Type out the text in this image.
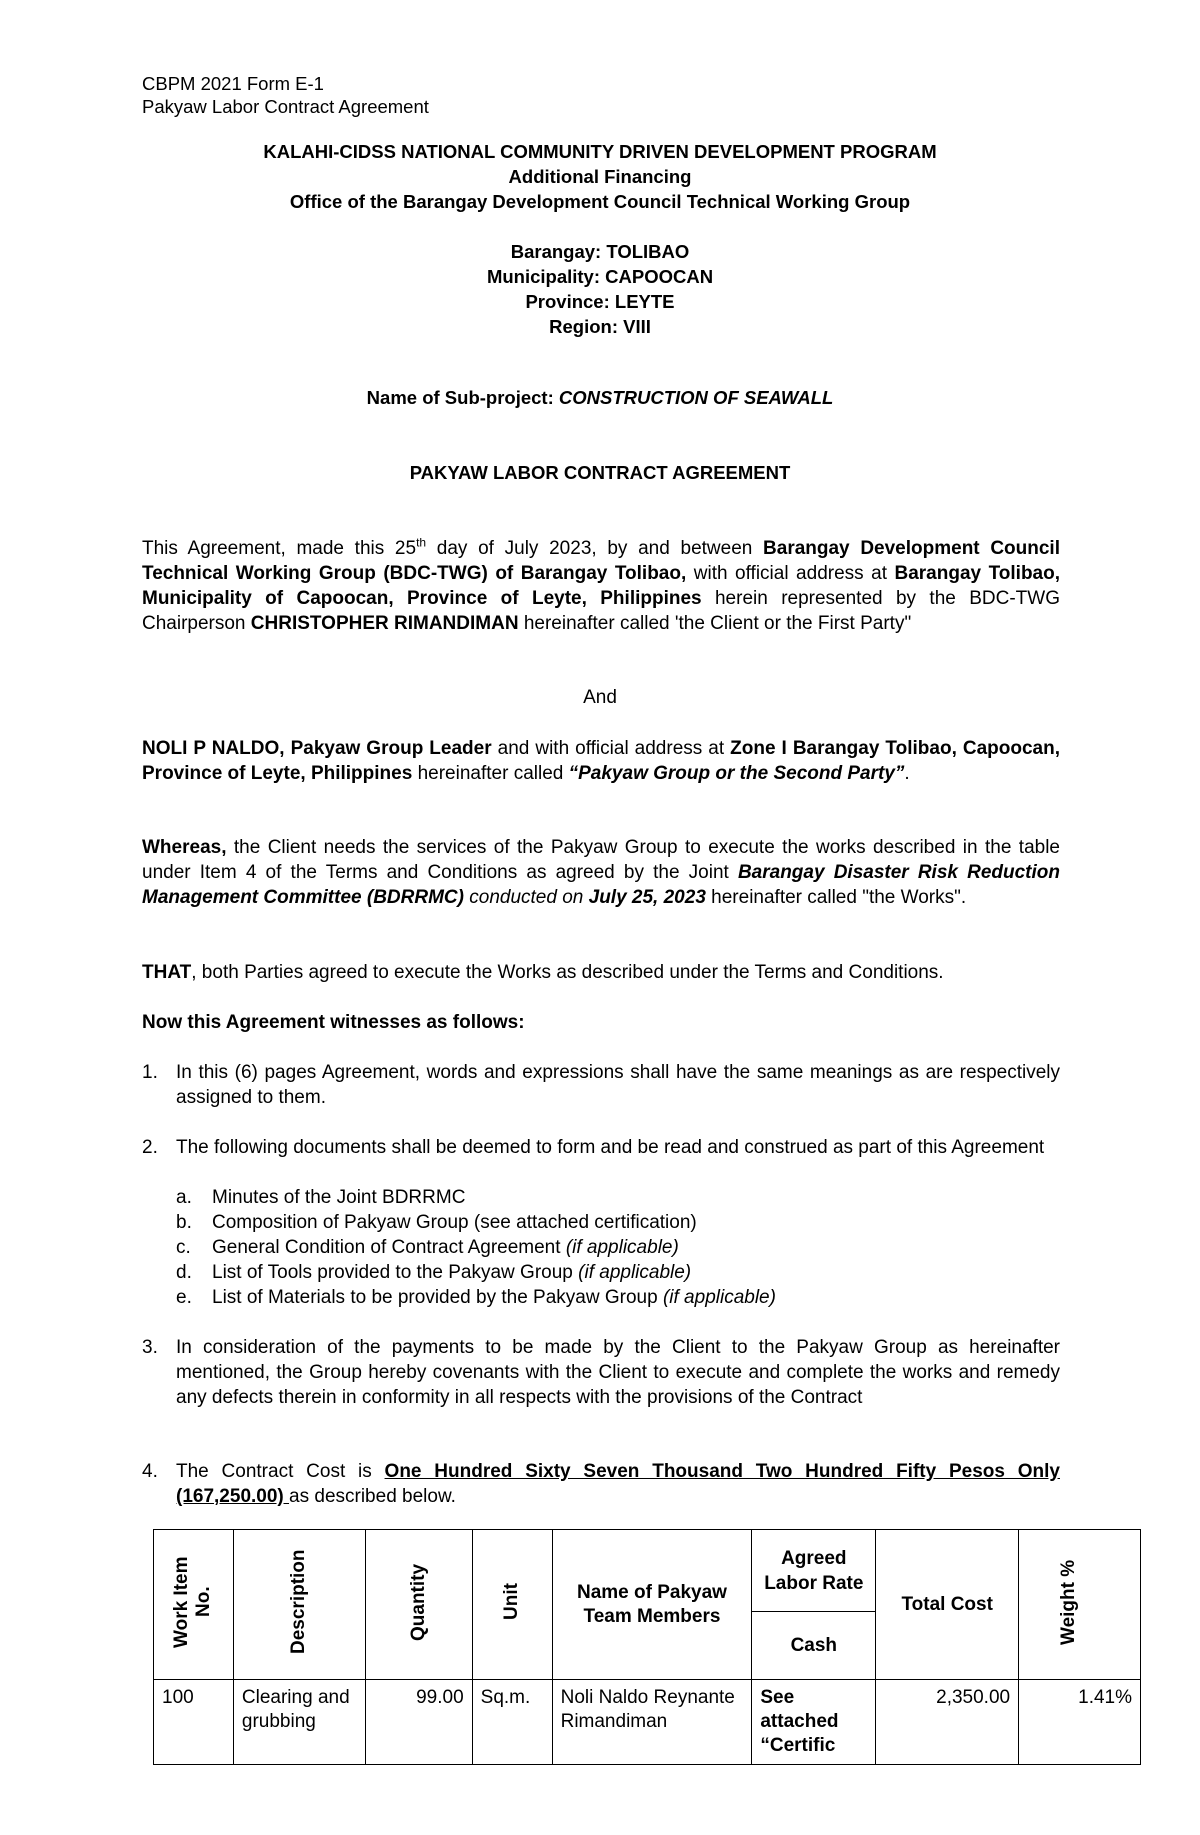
CBPM 2021 Form E-1
Pakyaw Labor Contract Agreement
KALAHI-CIDSS NATIONAL COMMUNITY DRIVEN DEVELOPMENT PROGRAM
Additional Financing
Office of the Barangay Development Council Technical Working Group
Barangay: TOLIBAO
Municipality: CAPOOCAN
Province: LEYTE
Region: VIII
Name of Sub-project: CONSTRUCTION OF SEAWALL
PAKYAW LABOR CONTRACT AGREEMENT
This Agreement, made this 25th day of July 2023, by and between Barangay Development Council Technical Working Group (BDC-TWG) of Barangay Tolibao, with official address at Barangay Tolibao, Municipality of Capoocan, Province of Leyte, Philippines herein represented by the BDC-TWG Chairperson CHRISTOPHER RIMANDIMAN hereinafter called 'the Client or the First Party"
And
NOLI P NALDO, Pakyaw Group Leader and with official address at Zone I Barangay Tolibao, Capoocan, Province of Leyte, Philippines hereinafter called “Pakyaw Group or the Second Party”.
Whereas, the Client needs the services of the Pakyaw Group to execute the works described in the table under Item 4 of the Terms and Conditions as agreed by the Joint Barangay Disaster Risk Reduction Management Committee (BDRRMC) conducted on July 25, 2023 hereinafter called "the Works".
THAT, both Parties agreed to execute the Works as described under the Terms and Conditions.
Now this Agreement witnesses as follows:
1. In this (6) pages Agreement, words and expressions shall have the same meanings as are respectively assigned to them.
2. The following documents shall be deemed to form and be read and construed as part of this Agreement
a. Minutes of the Joint BDRRMC
b. Composition of Pakyaw Group (see attached certification)
c. General Condition of Contract Agreement (if applicable)
d. List of Tools provided to the Pakyaw Group (if applicable)
e. List of Materials to be provided by the Pakyaw Group (if applicable)
3. In consideration of the payments to be made by the Client to the Pakyaw Group as hereinafter mentioned, the Group hereby covenants with the Client to execute and complete the works and remedy any defects therein in conformity in all respects with the provisions of the Contract
4. The Contract Cost is One Hundred Sixty Seven Thousand Two Hundred Fifty Pesos Only (167,250.00) as described below.
Work Item No.	Description	Quantity	Unit	Name of Pakyaw Team Members	Agreed Labor Rate	Total Cost	Weight %
					Cash		
100	Clearing and grubbing	99.00	Sq.m.	Noli Naldo Reynante Rimandiman	See attached “Certific	2,350.00	1.41%
